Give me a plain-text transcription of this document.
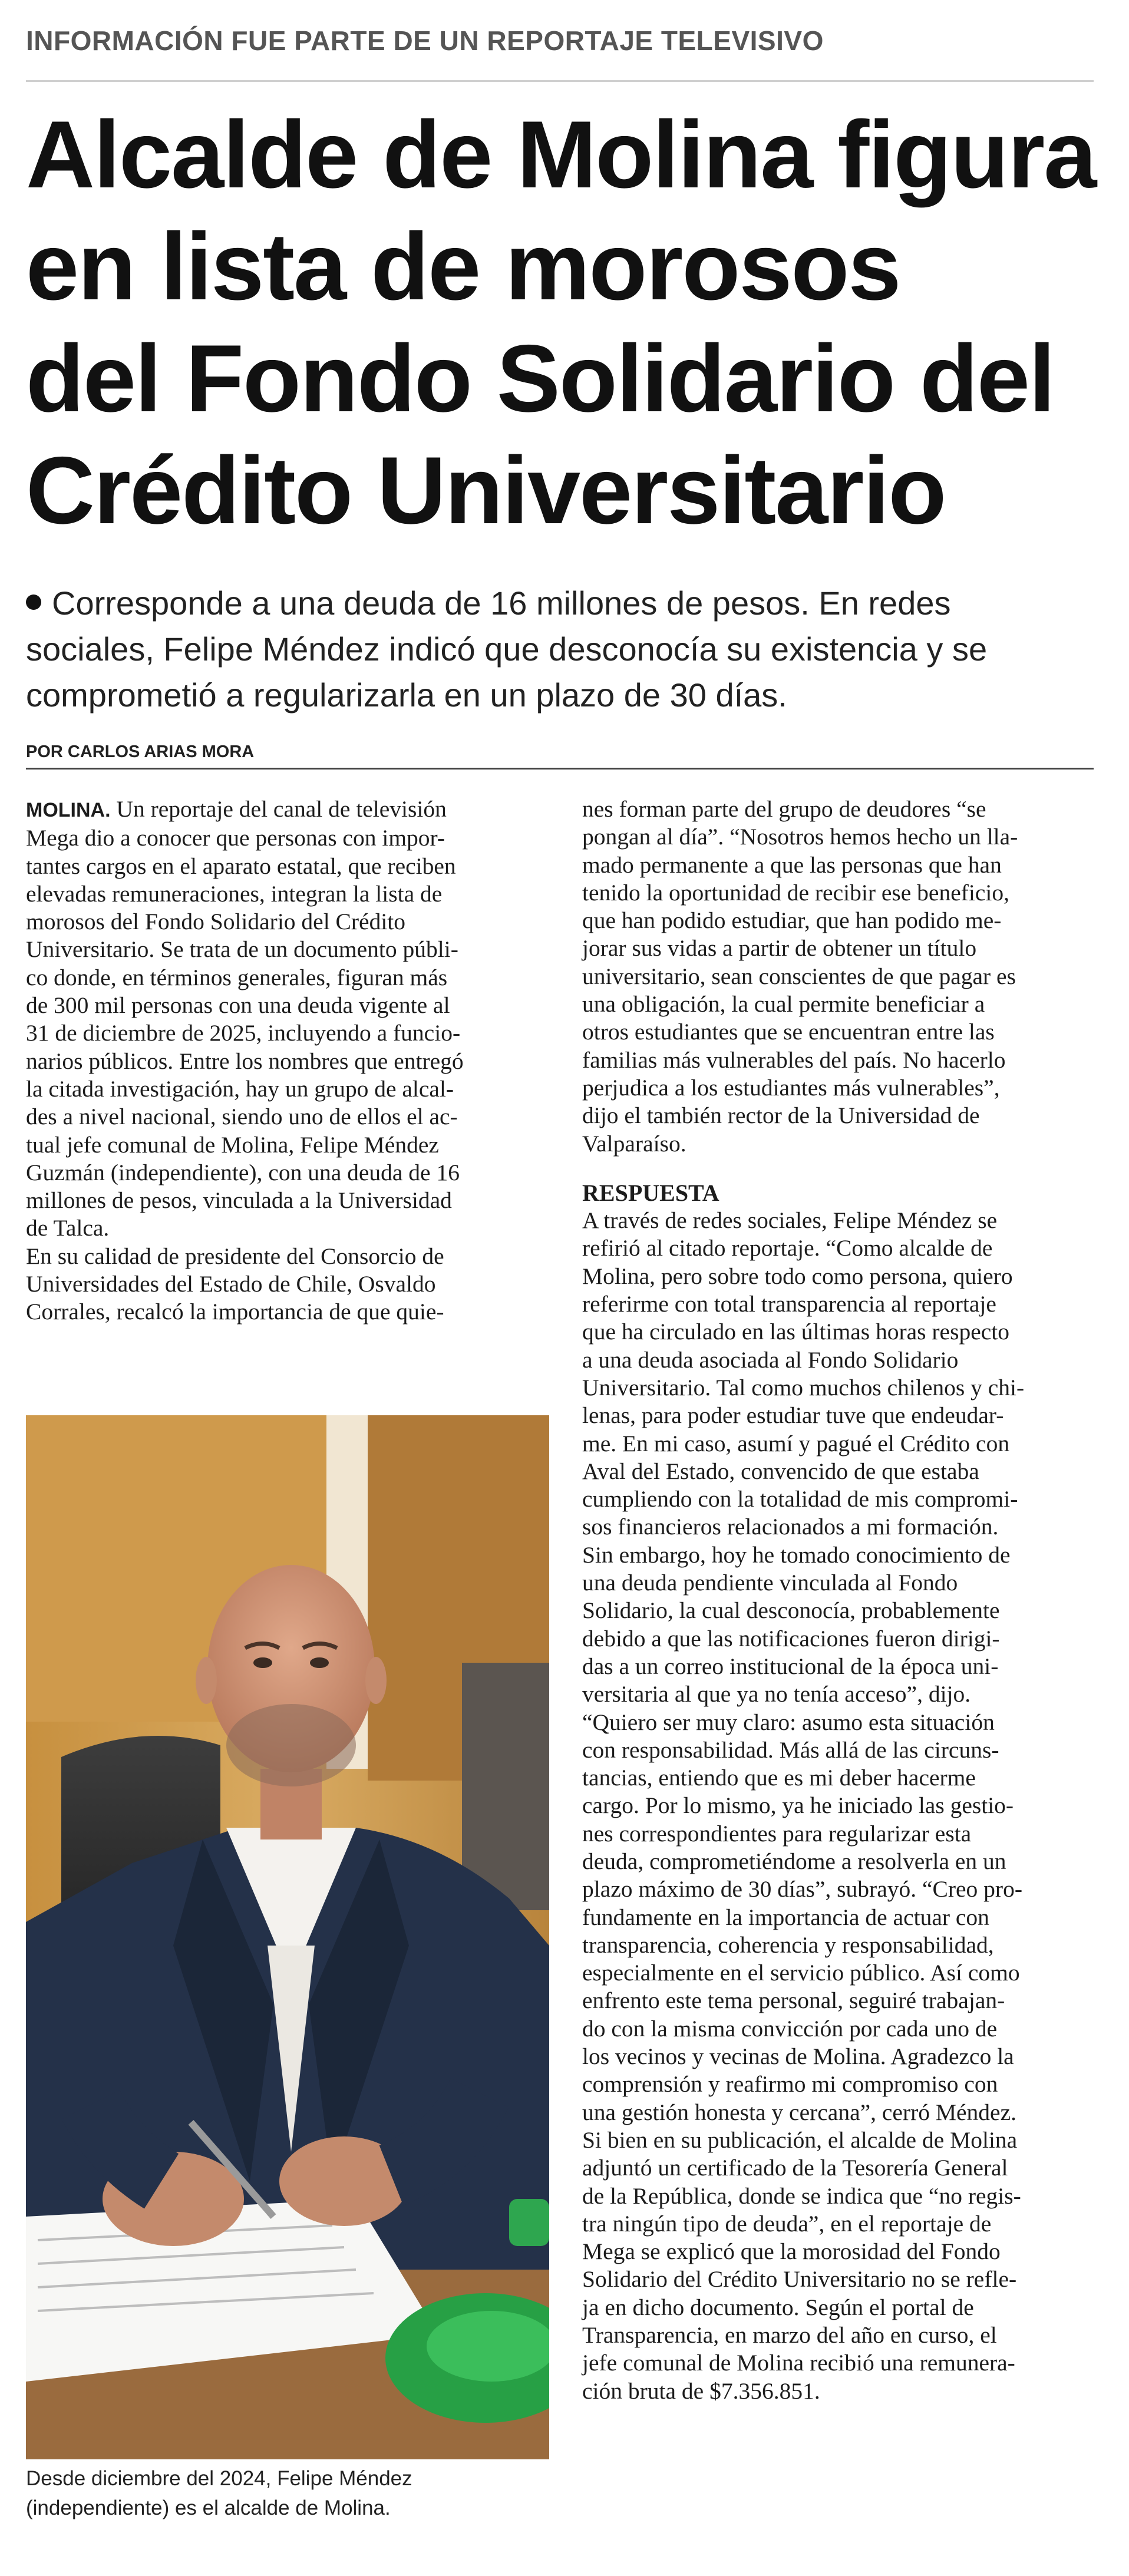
INFORMACIÓN FUE PARTE DE UN REPORTAJE TELEVISIVO
Alcalde de Molina figura
en lista de morosos
del Fondo Solidario del
Crédito Universitario
Corresponde a una deuda de 16 millones de pesos. En redes
sociales, Felipe Méndez indicó que desconocía su existencia y se
comprometió a regularizarla en un plazo de 30 días.
POR CARLOS ARIAS MORA

MOLINA. Un reportaje del canal de televisión
Mega dio a conocer que personas con impor-
tantes cargos en el aparato estatal, que reciben
elevadas remuneraciones, integran la lista de
morosos del Fondo Solidario del Crédito
Universitario. Se trata de un documento públi-
co donde, en términos generales, figuran más
de 300 mil personas con una deuda vigente al
31 de diciembre de 2025, incluyendo a funcio-
narios públicos. Entre los nombres que entregó
la citada investigación, hay un grupo de alcal-
des a nivel nacional, siendo uno de ellos el ac-
tual jefe comunal de Molina, Felipe Méndez
Guzmán (independiente), con una deuda de 16
millones de pesos, vinculada a la Universidad
de Talca.

En su calidad de presidente del Consorcio de
Universidades del Estado de Chile, Osvaldo
Corrales, recalcó la importancia de que quie-

Desde diciembre del 2024, Felipe Méndez
(independiente) es el alcalde de Molina.

nes forman parte del grupo de deudores “se
pongan al día”. “Nosotros hemos hecho un lla-
mado permanente a que las personas que han
tenido la oportunidad de recibir ese beneficio,
que han podido estudiar, que han podido me-
jorar sus vidas a partir de obtener un título
universitario, sean conscientes de que pagar es
una obligación, la cual permite beneficiar a
otros estudiantes que se encuentran entre las
familias más vulnerables del país. No hacerlo
perjudica a los estudiantes más vulnerables”,
dijo el también rector de la Universidad de
Valparaíso.

RESPUESTA

A través de redes sociales, Felipe Méndez se
refirió al citado reportaje. “Como alcalde de
Molina, pero sobre todo como persona, quiero
referirme con total transparencia al reportaje
que ha circulado en las últimas horas respecto
a una deuda asociada al Fondo Solidario
Universitario. Tal como muchos chilenos y chi-
lenas, para poder estudiar tuve que endeudar-
me. En mi caso, asumí y pagué el Crédito con
Aval del Estado, convencido de que estaba
cumpliendo con la totalidad de mis compromi-
sos financieros relacionados a mi formación.
Sin embargo, hoy he tomado conocimiento de
una deuda pendiente vinculada al Fondo
Solidario, la cual desconocía, probablemente
debido a que las notificaciones fueron dirigi-
das a un correo institucional de la época uni-
versitaria al que ya no tenía acceso”, dijo.

“Quiero ser muy claro: asumo esta situación
con responsabilidad. Más allá de las circuns-
tancias, entiendo que es mi deber hacerme
cargo. Por lo mismo, ya he iniciado las gestio-
nes correspondientes para regularizar esta
deuda, comprometiéndome a resolverla en un
plazo máximo de 30 días”, subrayó. “Creo pro-
fundamente en la importancia de actuar con
transparencia, coherencia y responsabilidad,
especialmente en el servicio público. Así como
enfrento este tema personal, seguiré trabajan-
do con la misma convicción por cada uno de
los vecinos y vecinas de Molina. Agradezco la
comprensión y reafirmo mi compromiso con
una gestión honesta y cercana”, cerró Méndez.

Si bien en su publicación, el alcalde de Molina
adjuntó un certificado de la Tesorería General
de la República, donde se indica que “no regis-
tra ningún tipo de deuda”, en el reportaje de
Mega se explicó que la morosidad del Fondo
Solidario del Crédito Universitario no se refle-
ja en dicho documento. Según el portal de
Transparencia, en marzo del año en curso, el
jefe comunal de Molina recibió una remunera-
ción bruta de $7.356.851.
